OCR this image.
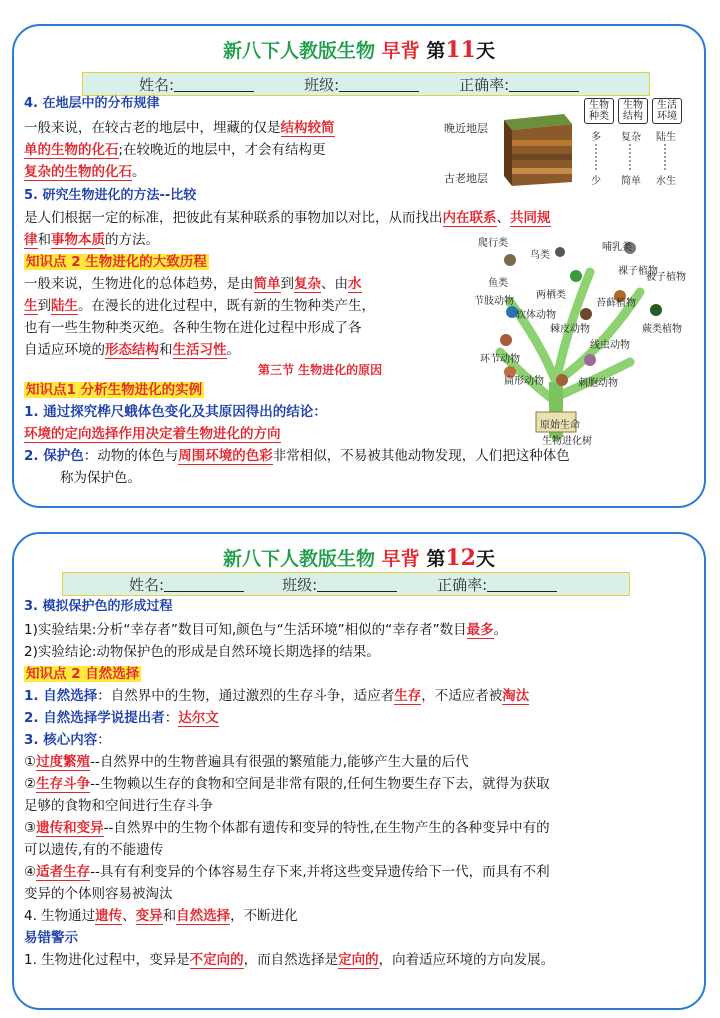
新八下人教版生物 早背 第11天
姓名:	班级:	正确率:
4. 在地层中的分布规律
一般来说，在较古老的地层中，埋藏的仅是结构较简
单的生物的化石;在较晚近的地层中，才会有结构更
复杂的生物的化石。
晚近地层
古老地层
生物种类
生物结构
生活环境
多 复杂 陆生
少 简单 水生
5. 研究生物进化的方法--比较
是人们根据一定的标准，把彼此有某种联系的事物加以对比，从而找出内在联系、共同规
律和事物本质的方法。
知识点 2 生物进化的大致历程
一般来说，生物进化的总体趋势，是由简单到复杂、由水
生到陆生。在漫长的进化过程中，既有新的生物种类产生，
也有一些生物种类灭绝。各种生物在进化过程中形成了各
自适应环境的形态结构和生活习性。
第三节 生物进化的原因
爬行类
鸟类
哺乳类
鱼类
两栖类
裸子植物
被子植物
节肢动物
软体动物
苔藓植物
蕨类植物
棘皮动物
环节动物
线虫动物
扁形动物	刺胞动物
原始生命
生物进化树
知识点1 分析生物进化的实例
1. 通过探究桦尺蛾体色变化及其原因得出的结论：
环境的定向选择作用决定着生物进化的方向
2. 保护色：动物的体色与周围环境的色彩非常相似，不易被其他动物发现，人们把这种体色
称为保护色。
新八下人教版生物 早背 第12天
姓名:	班级:	正确率:
3. 模拟保护色的形成过程
1)实验结果:分析“幸存者”数目可知,颜色与“生活环境”相似的“幸存者”数目最多。
2)实验结论:动物保护色的形成是自然环境长期选择的结果。
知识点 2 自然选择
1. 自然选择：自然界中的生物，通过激烈的生存斗争，适应者生存，不适应者被淘汰
2. 自然选择学说提出者：达尔文
3. 核心内容：
①过度繁殖--自然界中的生物普遍具有很强的繁殖能力,能够产生大量的后代
②生存斗争--生物赖以生存的食物和空间是非常有限的,任何生物要生存下去，就得为获取
足够的食物和空间进行生存斗争
③遗传和变异--自然界中的生物个体都有遗传和变异的特性,在生物产生的各种变异中有的
可以遗传,有的不能遗传
④适者生存--具有有利变异的个体容易生存下来,并将这些变异遗传给下一代，而具有不利
变异的个体则容易被淘汰
4. 生物通过遗传、变异和自然选择，不断进化
易错警示
1. 生物进化过程中，变异是不定向的，而自然选择是定向的，向着适应环境的方向发展。
